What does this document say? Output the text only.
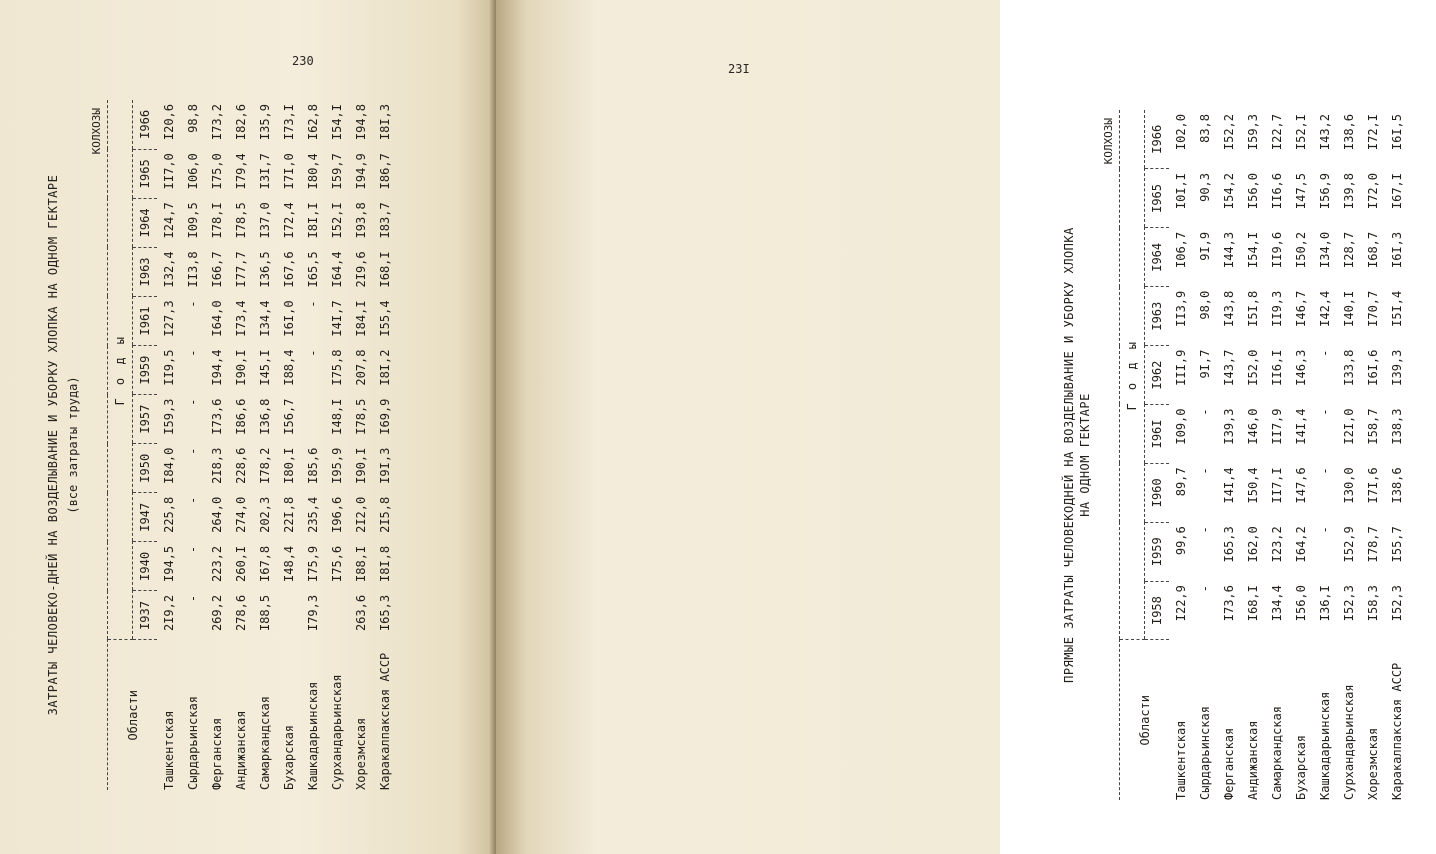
230
ЗАТРАТЫ ЧЕЛОВЕКО-ДНЕЙ НА ВОЗДЕЛЫВАНИЕ И УБОРКУ ХЛОПКА НА ОДНОМ ГЕКТАРЕ (все затраты труда)
КОЛХОЗЫ
Области	Г о д ы										
	I937	I940	I947	I950	I957	I959	I961	I963	I964	I965	I966
Ташкентская	2I9,2	I94,5	225,8	I84,0	I59,3	II9,5	I27,3	I32,4	I24,7	II7,0	I20,6
Сырдарьинская	-	-	-	-	-	-	-	II3,8	I09,5	I06,0	98,8
Ферганская	269,2	223,2	264,0	2I8,3	I73,6	I94,4	I64,0	I66,7	I78,I	I75,0	I73,2
Андижанская	278,6	260,I	274,0	228,6	I86,6	I90,I	I73,4	I77,7	I78,5	I79,4	I82,6
Самаркандская	I88,5	I67,8	202,3	I78,2	I36,8	I45,I	I34,4	I36,5	I37,0	I3I,7	I35,9
Бухарская		I48,4	22I,8	I80,I	I56,7	I88,4	I6I,0	I67,6	I72,4	I7I,0	I73,I
Кашкадарьинская	I79,3	I75,9	235,4	I85,6		-	-	I65,5	I8I,I	I80,4	I62,8
Сурхандарьинская		I75,6	I96,6	I95,9	I48,I	I75,8	I4I,7	I64,4	I52,I	I59,7	I54,I
Хорезмская	263,6	I88,I	2I2,0	I90,I	I78,5	207,8	I84,I	2I9,6	I93,8	I94,9	I94,8
Каракалпакская АССР	I65,3	I8I,8	2I5,8	I9I,3	I69,9	I8I,2	I55,4	I68,I	I83,7	I86,7	I8I,3
23I
ПРЯМЫЕ ЗАТРАТЫ ЧЕЛОВЕКОДНЕЙ НА ВОЗДЕЛЫВАНИЕ И УБОРКУ ХЛОПКА НА ОДНОМ ГЕКТАРЕ
КОЛХОЗЫ
Области	Г о д ы								
	I958	I959	I960	I96I	I962	I963	I964	I965	I966
Ташкентская	I22,9	99,6	89,7	I09,0	III,9	II3,9	I06,7	I0I,I	I02,0
Сырдарьинская	-	-	-	-	9I,7	98,0	9I,9	90,3	83,8
Ферганская	I73,6	I65,3	I4I,4	I39,3	I43,7	I43,8	I44,3	I54,2	I52,2
Андижанская	I68,I	I62,0	I50,4	I46,0	I52,0	I5I,8	I54,I	I56,0	I59,3
Самаркандская	I34,4	I23,2	II7,I	II7,9	II6,I	II9,3	II9,6	II6,6	I22,7
Бухарская	I56,0	I64,2	I47,6	I4I,4	I46,3	I46,7	I50,2	I47,5	I52,I
Кашкадарьинская	I36,I	-	-	-	-	I42,4	I34,0	I56,9	I43,2
Сурхандарьинская	I52,3	I52,9	I30,0	I2I,0	I33,8	I40,I	I28,7	I39,8	I38,6
Хорезмская	I58,3	I78,7	I7I,6	I58,7	I6I,6	I70,7	I68,7	I72,0	I72,I
Каракалпакская АССР	I52,3	I55,7	I38,6	I38,3	I39,3	I5I,4	I6I,3	I67,I	I6I,5
